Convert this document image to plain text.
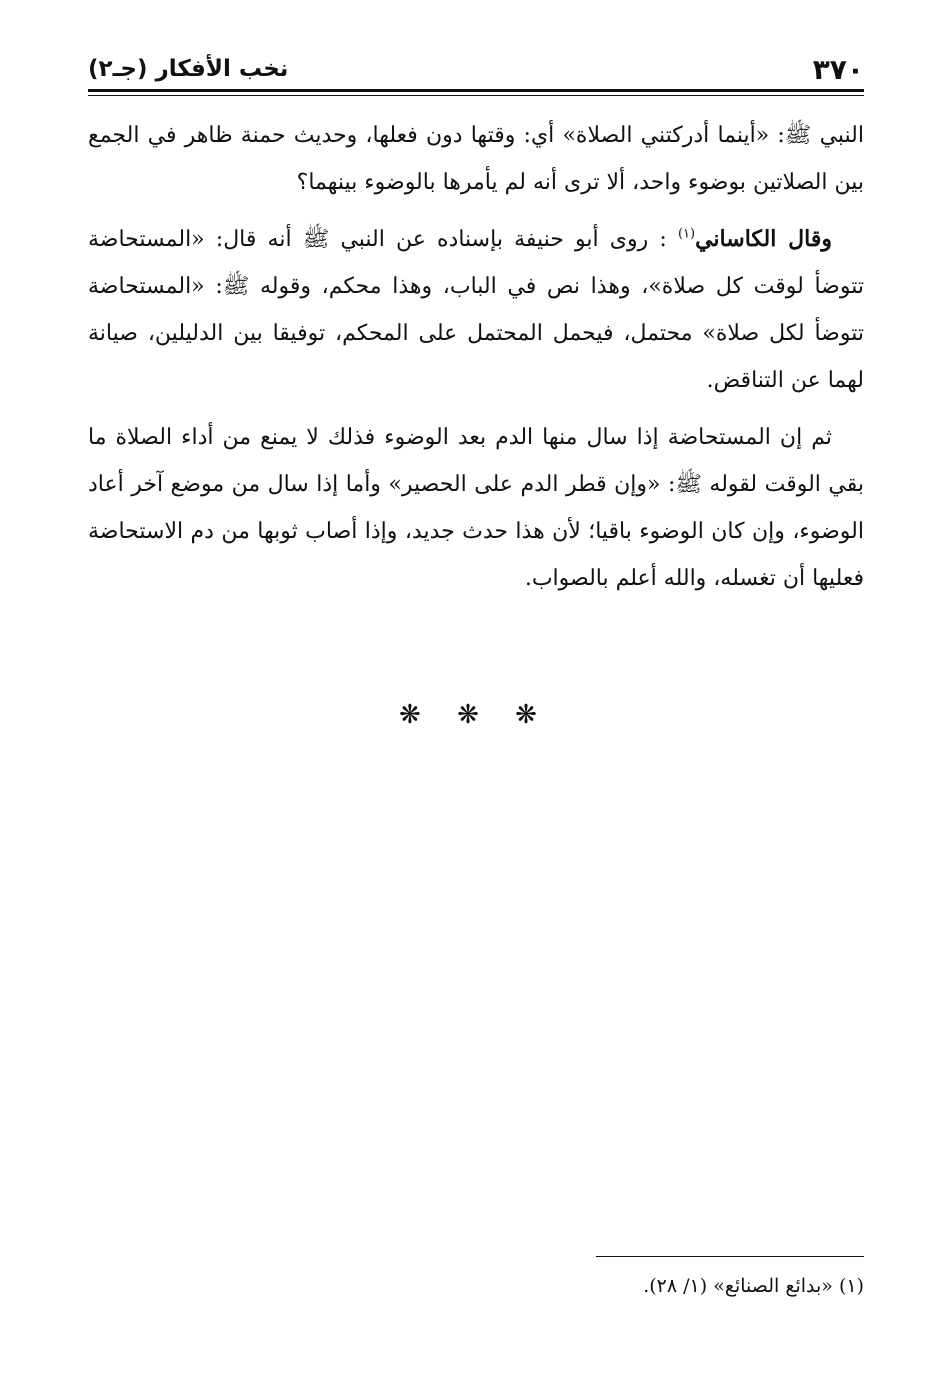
٣٧٠
نخب الأفكار (جـ٢)

النبي ﷺ: «أينما أدركتني الصلاة» أي: وقتها دون فعلها، وحديث حمنة ظاهر في الجمع بين الصلاتين بوضوء واحد، ألا ترى أنه لم يأمرها بالوضوء بينهما؟

وقال الكاساني$^{(١)}$ : روى أبو حنيفة بإسناده عن النبي ﷺ أنه قال: «المستحاضة تتوضأ لوقت كل صلاة»، وهذا نص في الباب، وهذا محكم، وقوله ﷺ: «المستحاضة تتوضأ لكل صلاة» محتمل، فيحمل المحتمل على المحكم، توفيقا بين الدليلين، صيانة لهما عن التناقض.

ثم إن المستحاضة إذا سال منها الدم بعد الوضوء فذلك لا يمنع من أداء الصلاة ما بقي الوقت لقوله ﷺ: «وإن قطر الدم على الحصير» وأما إذا سال من موضع آخر أعاد الوضوء، وإن كان الوضوء باقيا؛ لأن هذا حدث جديد، وإذا أصاب ثوبها من دم الاستحاضة فعليها أن تغسله، والله أعلم بالصواب.

❋ ❋ ❋
(١) «بدائع الصنائع» (١/ ٢٨).
